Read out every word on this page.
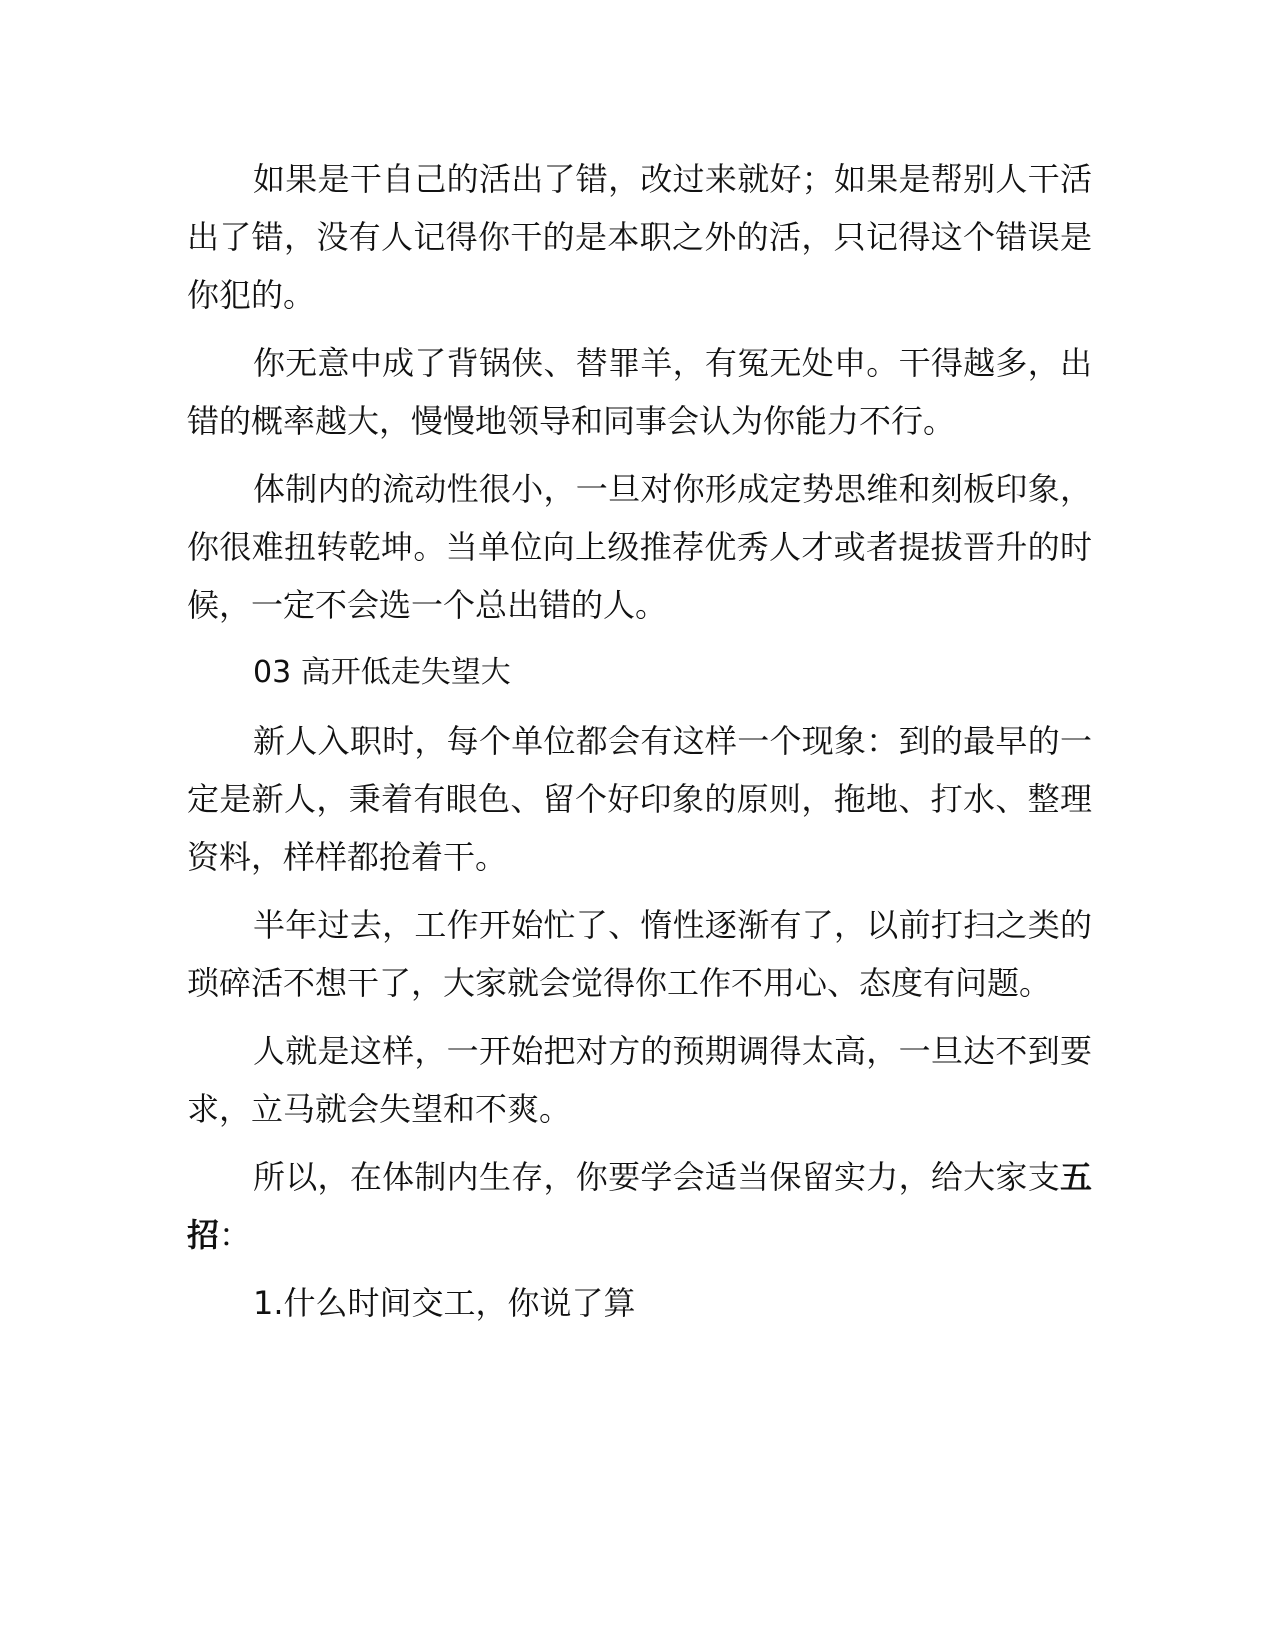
如果是干自己的活出了错，改过来就好；如果是帮别人干活出了错，没有人记得你干的是本职之外的活，只记得这个错误是你犯的。

你无意中成了背锅侠、替罪羊，有冤无处申。干得越多，出错的概率越大，慢慢地领导和同事会认为你能力不行。

体制内的流动性很小，一旦对你形成定势思维和刻板印象，你很难扭转乾坤。当单位向上级推荐优秀人才或者提拔晋升的时候，一定不会选一个总出错的人。

03 高开低走失望大

新人入职时，每个单位都会有这样一个现象：到的最早的一定是新人，秉着有眼色、留个好印象的原则，拖地、打水、整理资料，样样都抢着干。

半年过去，工作开始忙了、惰性逐渐有了，以前打扫之类的琐碎活不想干了，大家就会觉得你工作不用心、态度有问题。

人就是这样，一开始把对方的预期调得太高，一旦达不到要求，立马就会失望和不爽。

所以，在体制内生存，你要学会适当保留实力，给大家支五招：

1.什么时间交工，你说了算
